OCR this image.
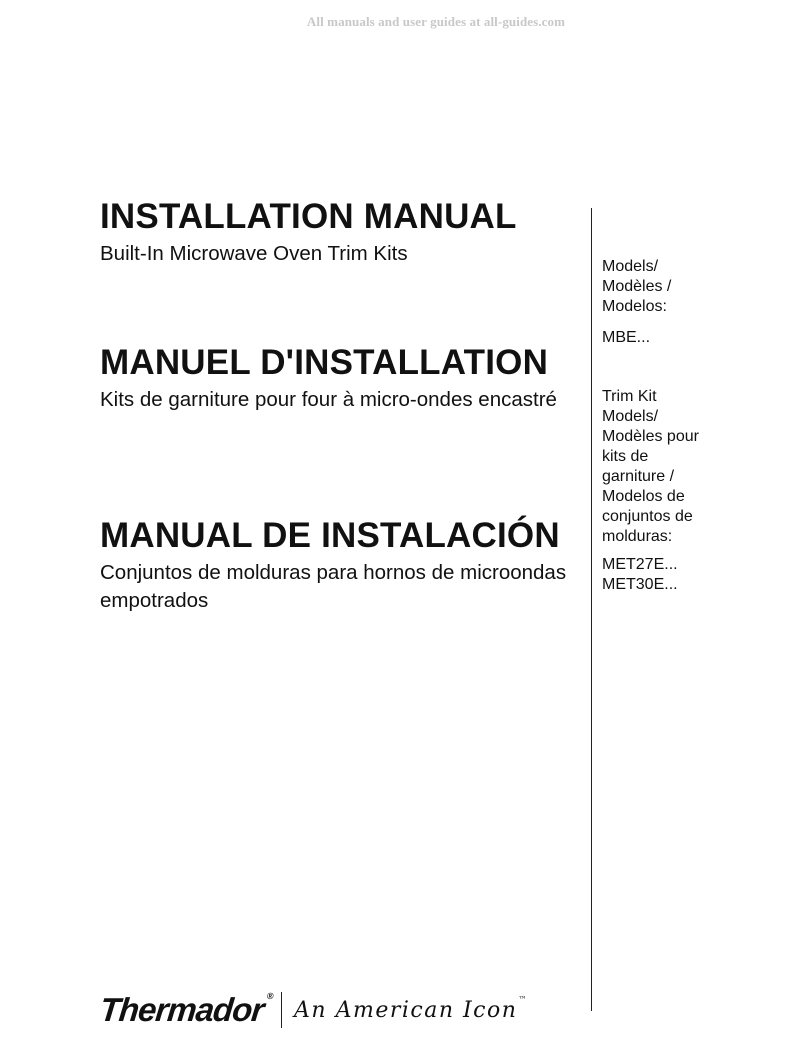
All manuals and user guides at all-guides.com
INSTALLATION MANUAL

Built-In Microwave Oven Trim Kits

MANUEL D'INSTALLATION

Kits de garniture pour four à micro-ondes encastré

MANUAL DE INSTALACIÓN

Conjuntos de molduras para hornos de microondas empotrados

Models/

Modèles /

Modelos:

MBE...

Trim Kit

Models/

Modèles pour

kits de

garniture /

Modelos de

conjuntos de

molduras:

MET27E...

MET30E...

Thermador®
An American Icon™
